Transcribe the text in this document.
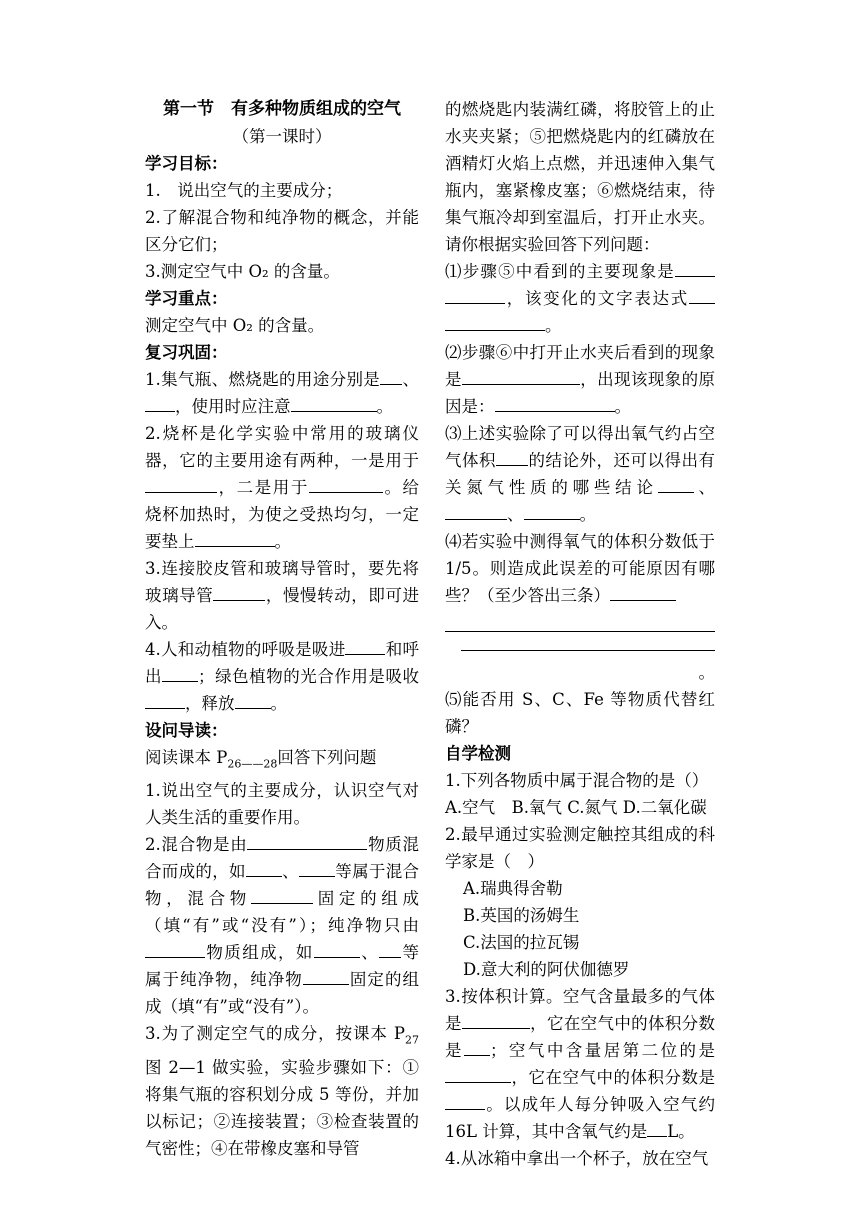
第一节　有多种物质组成的空气

（第一课时）

学习目标：

1.　说出空气的主要成分；

2.了解混合物和纯净物的概念，并能区分它们；

3.测定空气中 O₂ 的含量。

学习重点：

测定空气中 O₂ 的含量。

复习巩固：

1.集气瓶、燃烧匙的用途分别是 、，使用时应注意	。

2.烧杯是化学实验中常用的玻璃仪器，它的主要用途有两种，一是用于，二是用于	。给烧杯加热时，为使之受热均匀，一定要垫上	。

3.连接胶皮管和玻璃导管时，要先将玻璃导管	，慢慢转动，即可进入。

4.人和动植物的呼吸是吸进 和呼出 ；绿色植物的光合作用是吸收，释放 。

设问导读：

阅读课本 $P_{26——28}$回答下列问题

1.说出空气的主要成分，认识空气对人类生活的重要作用。

2.混合物是由	物质混合而成的，如 、 等属于混合物，混合物	固定的组成（填“有”或“没有”）；纯净物只由物质组成，如	、 等属于纯净物，纯净物	固定的组成（填“有”或“没有”）。

3.为了测定空气的成分，按课本 $P_{27}$图 2—1 做实验，实验步骤如下：①将集气瓶的容积划分成 5 等份，并加以标记；②连接装置；③检查装置的气密性；④在带橡皮塞和导管

的燃烧匙内装满红磷，将胶管上的止水夹夹紧；⑤把燃烧匙内的红磷放在酒精灯火焰上点燃，并迅速伸入集气瓶内，塞紧橡皮塞；⑥燃烧结束，待集气瓶冷却到室温后，打开止水夹。请你根据实验回答下列问题：

⑴步骤⑤中看到的主要现象是，该变化的文字表达式。

⑵步骤⑥中打开止水夹后看到的现象是	，出现该现象的原因是：	。

⑶上述实验除了可以得出氧气约占空气体积 的结论外，还可以得出有关氮气性质的哪些结论 、、	。

⑷若实验中测得氧气的体积分数低于 1/5。则造成此误差的可能原因有哪些？（至少答出三条）

。

⑸能否用 S、C、Fe 等物质代替红磷？

自学检测

1.下列各物质中属于混合物的是（）

A.空气　B.氧气 C.氮气 D.二氧化碳

2.最早通过实验测定触控其组成的科学家是（　）

A.瑞典得舍勒

B.英国的汤姆生

C.法国的拉瓦锡

D.意大利的阿伏伽德罗

3.按体积计算。空气含量最多的气体是	，它在空气中的体积分数是 ；空气中含量居第二位的是，它在空气中的体积分数是。以成年人每分钟吸入空气约 16L 计算，其中含氧气约是 L。

4.从冰箱中拿出一个杯子，放在空气
